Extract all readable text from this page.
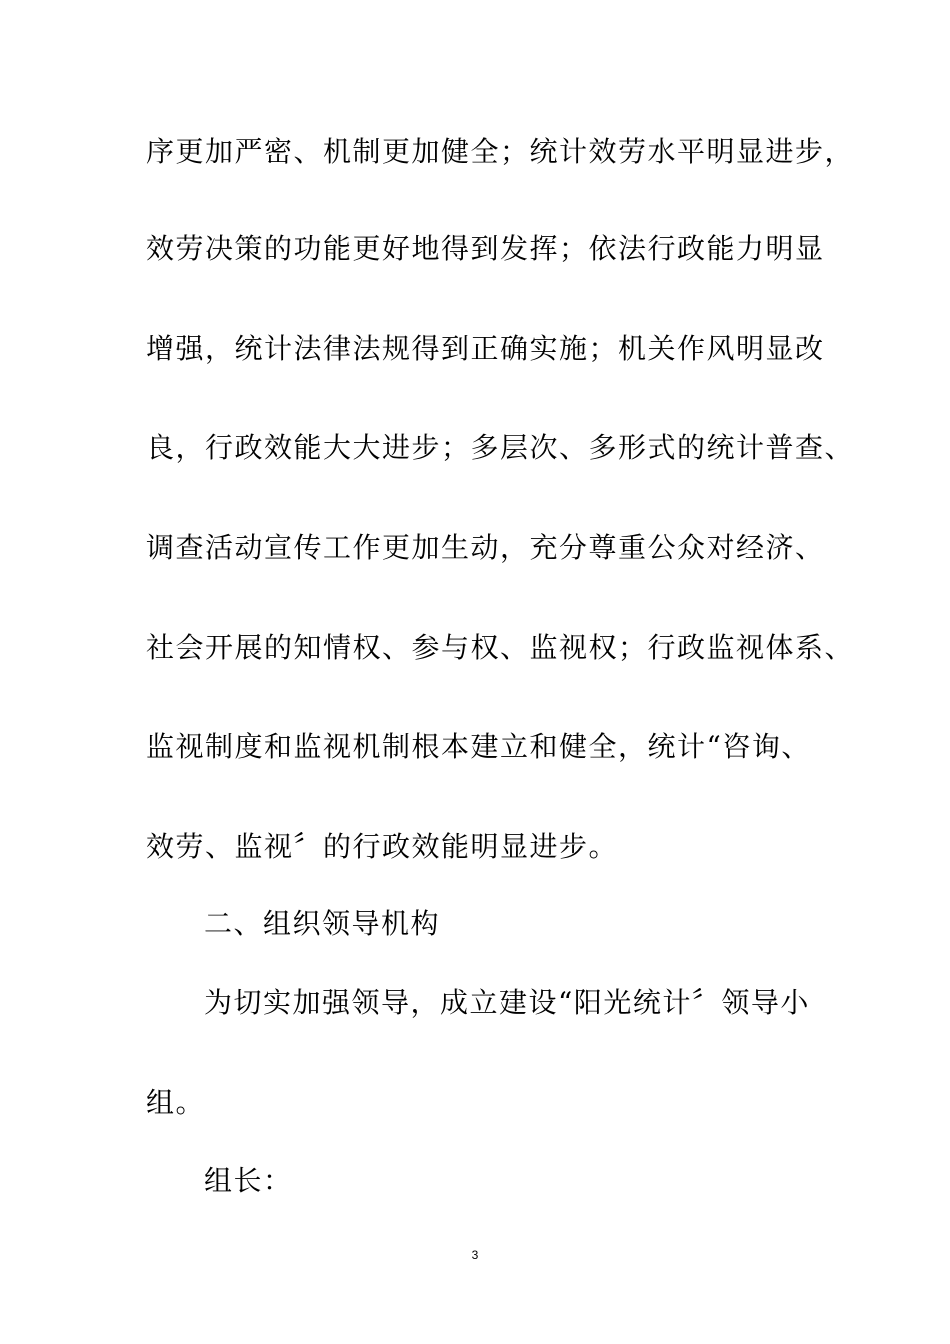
序更加严密、机制更加健全；统计效劳水平明显进步，
效劳决策的功能更好地得到发挥；依法行政能力明显
增强，统计法律法规得到正确实施；机关作风明显改
良，行政效能大大进步；多层次、多形式的统计普查、
调查活动宣传工作更加生动，充分尊重公众对经济、
社会开展的知情权、参与权、监视权；行政监视体系、
监视制度和监视机制根本建立和健全，统计“咨询、
效劳、监视〞的行政效能明显进步。
二、组织领导机构
为切实加强领导，成立建设“阳光统计〞领导小
组。
组长：
3
